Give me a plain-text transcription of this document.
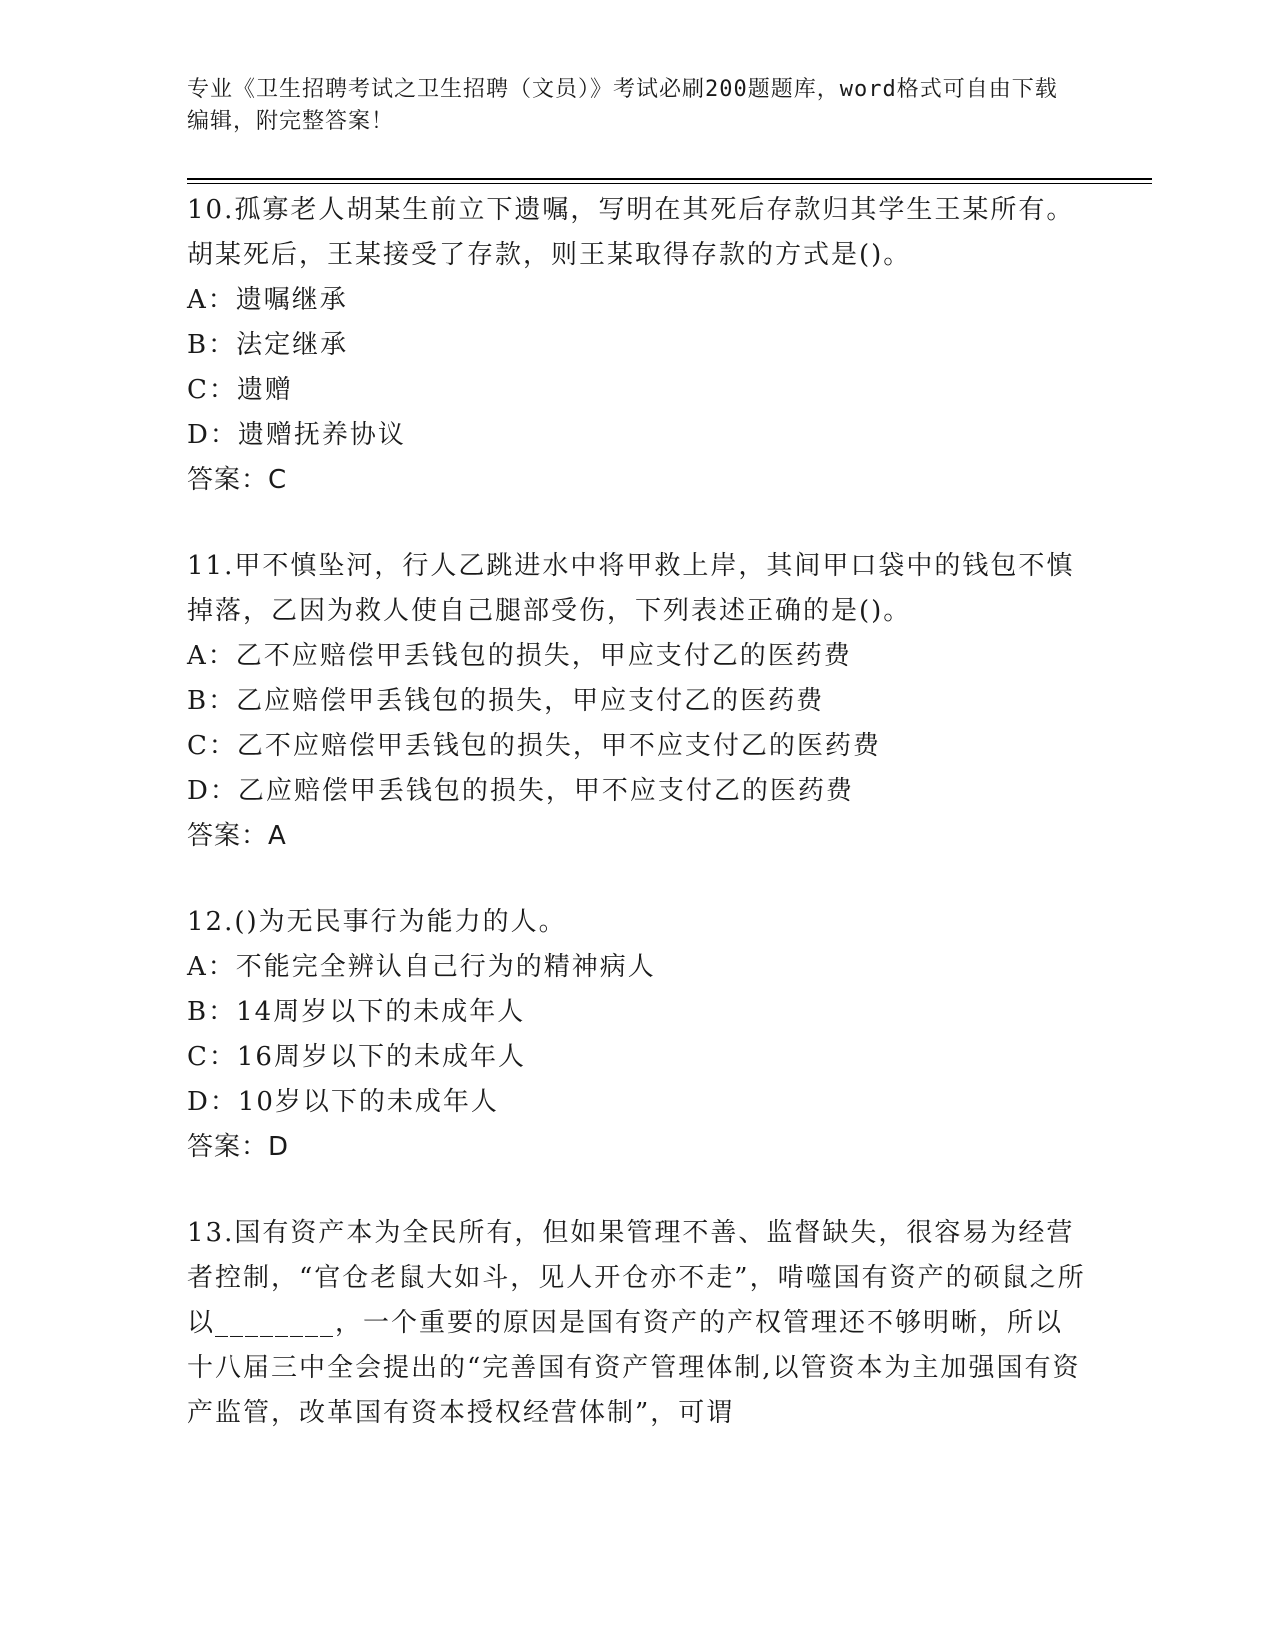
专业《卫生招聘考试之卫生招聘（文员）》考试必刷200题题库，word格式可自由下载编辑，附完整答案！

10.孤寡老人胡某生前立下遗嘱，写明在其死后存款归其学生王某所有。胡某死后，王某接受了存款，则王某取得存款的方式是()。

A：遗嘱继承

B：法定继承

C：遗赠

D：遗赠抚养协议

答案：C

11.甲不慎坠河，行人乙跳进水中将甲救上岸，其间甲口袋中的钱包不慎掉落，乙因为救人使自己腿部受伤，下列表述正确的是()。

A：乙不应赔偿甲丢钱包的损失，甲应支付乙的医药费

B：乙应赔偿甲丢钱包的损失，甲应支付乙的医药费

C：乙不应赔偿甲丢钱包的损失，甲不应支付乙的医药费

D：乙应赔偿甲丢钱包的损失，甲不应支付乙的医药费

答案：A

12.()为无民事行为能力的人。

A：不能完全辨认自己行为的精神病人

B：14周岁以下的未成年人

C：16周岁以下的未成年人

D：10岁以下的未成年人

答案：D

13.国有资产本为全民所有，但如果管理不善、监督缺失，很容易为经营者控制，“官仓老鼠大如斗，见人开仓亦不走”，啃噬国有资产的硕鼠之所以________，一个重要的原因是国有资产的产权管理还不够明晰，所以十八届三中全会提出的“完善国有资产管理体制,以管资本为主加强国有资产监管，改革国有资本授权经营体制”，可谓
